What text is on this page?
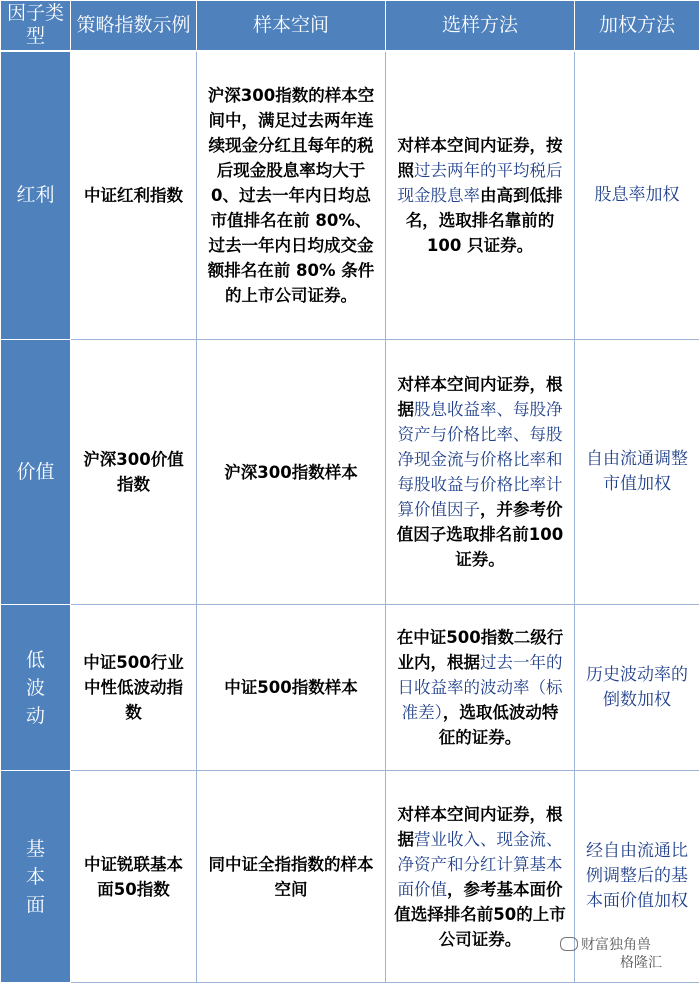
因子类型	策略指数示例	样本空间	选样方法	加权方法
红利	中证红利指数	沪深300指数的样本空间中，满足过去两年连续现金分红且每年的税后现金股息率均大于0、过去一年内日均总市值排名在前 80%、过去一年内日均成交金额排名在前 80% 条件的上市公司证券。	对样本空间内证券，按照过去两年的平均税后现金股息率由高到低排名，选取排名靠前的100 只证券。	股息率加权
价值	沪深300价值指数	沪深300指数样本	对样本空间内证券，根据股息收益率、每股净资产与价格比率、每股净现金流与价格比率和每股收益与价格比率计算价值因子，并参考价值因子选取排名前100证券。	自由流通调整市值加权
低波动	中证500行业中性低波动指数	中证500指数样本	在中证500指数二级行业内，根据过去一年的日收益率的波动率（标准差），选取低波动特征的证券。	历史波动率的倒数加权
基本面	中证锐联基本面50指数	同中证全指指数的样本空间	对样本空间内证券，根据营业收入、现金流、净资产和分红计算基本面价值，参考基本面价值选择排名前50的上市公司证券。	经自由流通比例调整后的基本面价值加权
财富独角兽
格隆汇
